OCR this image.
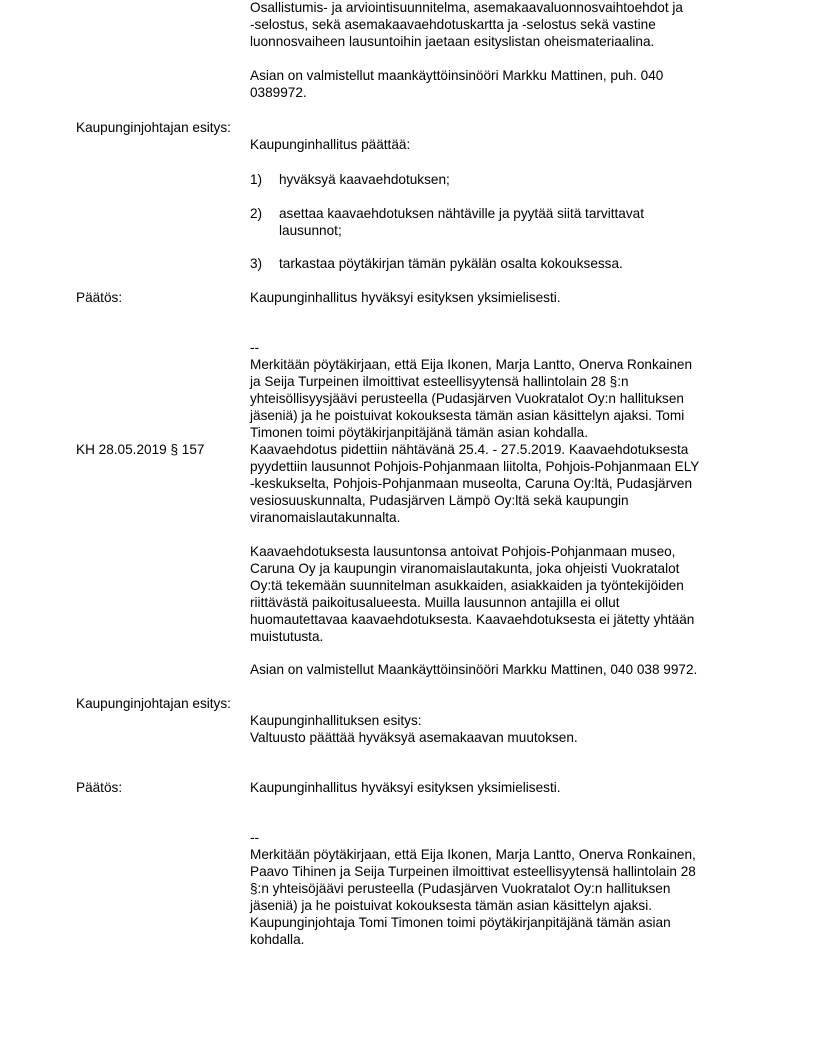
Osallistumis- ja arviointisuunnitelma, asemakaavaluonnosvaihtoehdot ja
-selostus, sekä asemakaavaehdotuskartta ja -selostus sekä vastine
luonnosvaiheen lausuntoihin jaetaan esityslistan oheismateriaalina.

Asian on valmistellut maankäyttöinsinööri Markku Mattinen, puh. 040
0389972.

Kaupunginjohtajan esitys:

Kaupunginhallitus päättää:

1) hyväksyä kaavaehdotuksen;

2) asettaa kaavaehdotuksen nähtäville ja pyytää siitä tarvittavat
lausunnot;

3) tarkastaa pöytäkirjan tämän pykälän osalta kokouksessa.

Päätös:	Kaupunginhallitus hyväksyi esityksen yksimielisesti.

--

Merkitään pöytäkirjaan, että Eija Ikonen, Marja Lantto, Onerva Ronkainen
ja Seija Turpeinen ilmoittivat esteellisyytensä hallintolain 28 §:n
yhteisöllisyysjäävi perusteella (Pudasjärven Vuokratalot Oy:n hallituksen
jäseniä) ja he poistuivat kokouksesta tämän asian käsittelyn ajaksi. Tomi
Timonen toimi pöytäkirjanpitäjänä tämän asian kohdalla.

KH 28.05.2019 § 157	Kaavaehdotus pidettiin nähtävänä 25.4. - 27.5.2019. Kaavaehdotuksesta
pyydettiin lausunnot Pohjois-Pohjanmaan liitolta, Pohjois-Pohjanmaan ELY
-keskukselta, Pohjois-Pohjanmaan museolta, Caruna Oy:ltä, Pudasjärven
vesiosuuskunnalta, Pudasjärven Lämpö Oy:ltä sekä kaupungin
viranomaislautakunnalta.

Kaavaehdotuksesta lausuntonsa antoivat Pohjois-Pohjanmaan museo,
Caruna Oy ja kaupungin viranomaislautakunta, joka ohjeisti Vuokratalot
Oy:tä tekemään suunnitelman asukkaiden, asiakkaiden ja työntekijöiden
riittävästä paikoitusalueesta. Muilla lausunnon antajilla ei ollut
huomautettavaa kaavaehdotuksesta. Kaavaehdotuksesta ei jätetty yhtään
muistutusta.

Asian on valmistellut Maankäyttöinsinööri Markku Mattinen, 040 038 9972.

Kaupunginjohtajan esitys:

Kaupunginhallituksen esitys:
Valtuusto päättää hyväksyä asemakaavan muutoksen.

Päätös:	Kaupunginhallitus hyväksyi esityksen yksimielisesti.

--

Merkitään pöytäkirjaan, että Eija Ikonen, Marja Lantto, Onerva Ronkainen,
Paavo Tihinen ja Seija Turpeinen ilmoittivat esteellisyytensä hallintolain 28
§:n yhteisöjäävi perusteella (Pudasjärven Vuokratalot Oy:n hallituksen
jäseniä) ja he poistuivat kokouksesta tämän asian käsittelyn ajaksi.
Kaupunginjohtaja Tomi Timonen toimi pöytäkirjanpitäjänä tämän asian
kohdalla.
